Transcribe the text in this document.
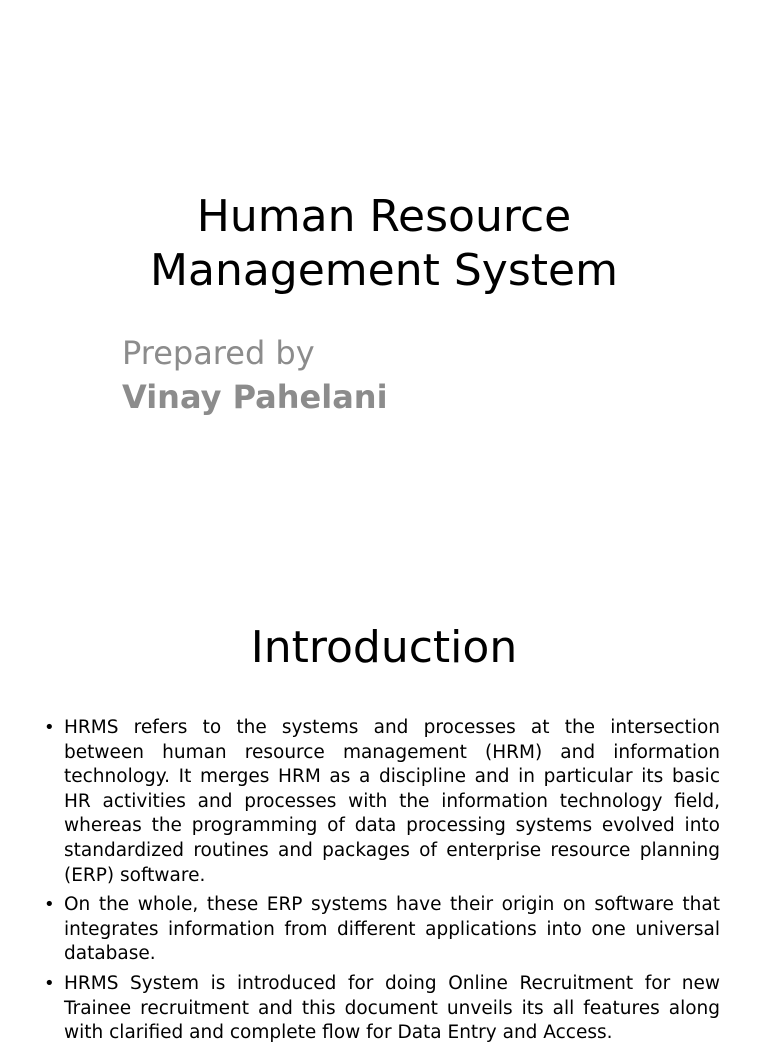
Human Resource
Management System

Prepared by

Vinay Pahelani

Introduction
• HRMS refers to the systems and processes at the intersection between human resource management (HRM) and information technology. It merges HRM as a discipline and in particular its basic HR activities and processes with the information technology field, whereas the programming of data processing systems evolved into standardized routines and packages of enterprise resource planning (ERP) software.
• On the whole, these ERP systems have their origin on software that integrates information from different applications into one universal database.
• HRMS System is introduced for doing Online Recruitment for new Trainee recruitment and this document unveils its all features along with clarified and complete flow for Data Entry and Access.
